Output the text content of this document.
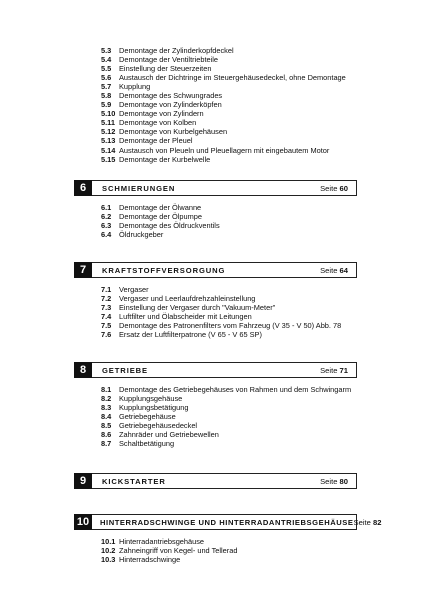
5.3	Demontage der Zylinderkopfdeckel
5.4	Demontage der Ventiltriebteile
5.5	Einstellung der Steuerzeiten
5.6	Austausch der Dichtringe im Steuergehäusedeckel, ohne Demontage
5.7	Kupplung
5.8	Demontage des Schwungrades
5.9	Demontage von Zylinderköpfen
5.10 Demontage von Zylindern
5.11 Demontage von Kolben
5.12 Demontage von Kurbelgehäusen
5.13 Demontage der Pleuel
5.14 Austausch von Pleueln und Pleuellagern mit eingebautem Motor
5.15 Demontage der Kurbelwelle
6	SCHMIERUNGEN	Seite 60
6.1	Demontage der Ölwanne
6.2	Demontage der Ölpumpe
6.3	Demontage des Öldruckventils
6.4	Öldruckgeber
7	KRAFTSTOFFVERSORGUNG	Seite 64
7.1	Vergaser
7.2	Vergaser und Leerlaufdrehzahleinstellung
7.3	Einstellung der Vergaser durch "Vakuum-Meter"
7.4	Luftfilter und Ölabscheider mit Leitungen
7.5	Demontage des Patronenfilters vom Fahrzeug (V 35 - V 50) Abb. 78
7.6	Ersatz der Luftfilterpatrone (V 65 - V 65 SP)
8	GETRIEBE	Seite 71
8.1	Demontage des Getriebegehäuses von Rahmen und dem Schwingarm
8.2	Kupplungsgehäuse
8.3	Kupplungsbetätigung
8.4	Getriebegehäuse
8.5	Getriebegehäusedeckel
8.6	Zahnräder und Getriebewellen
8.7	Schaltbetätigung
9	KICKSTARTER	Seite 80
10	HINTERRADSCHWINGE UND HINTERRADANTRIEBSGEHÄUSE Seite 82
10.1 Hinterradantriebsgehäuse
10.2 Zahneingriff von Kegel- und Tellerad
10.3 Hinterradschwinge
